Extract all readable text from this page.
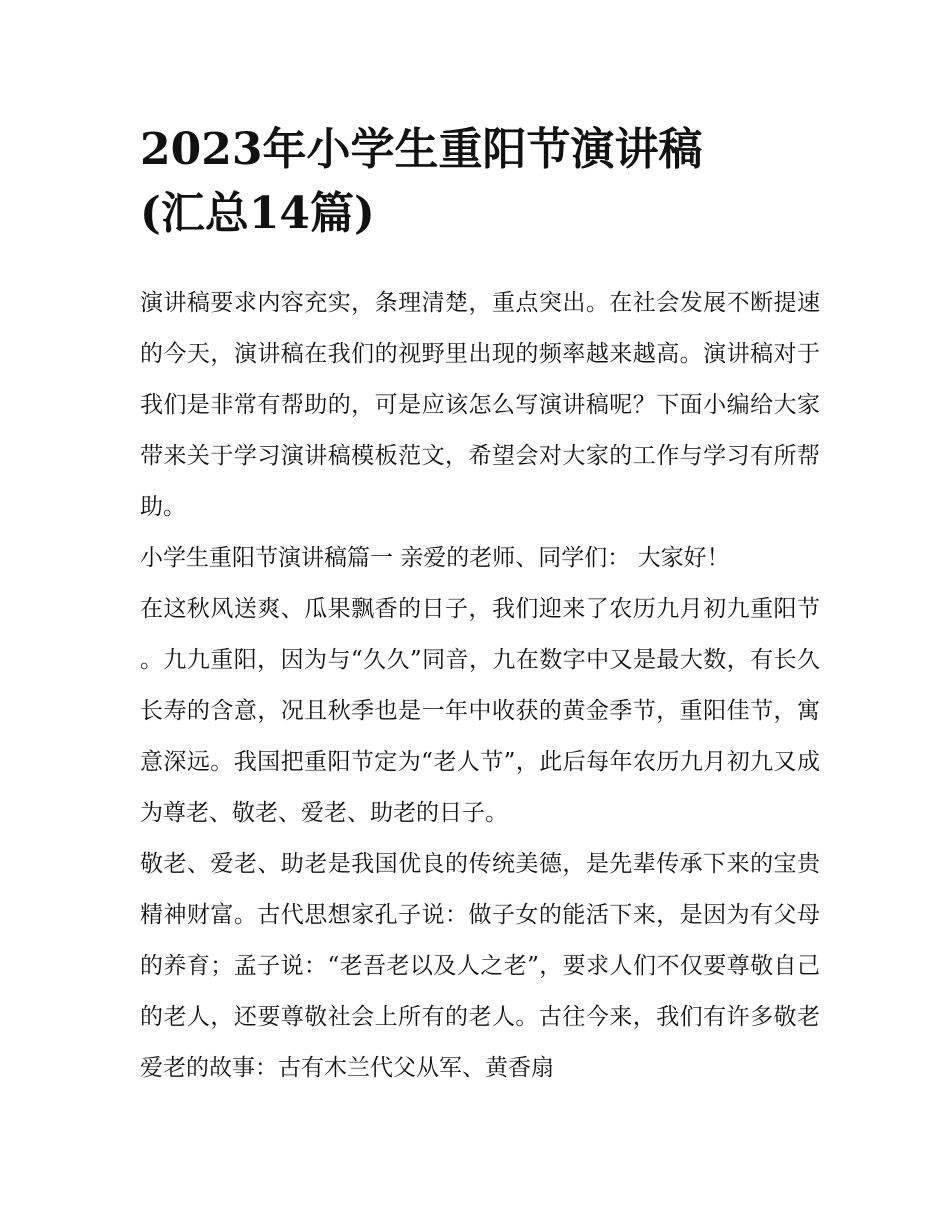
2023年小学生重阳节演讲稿
(汇总14篇)

演讲稿要求内容充实，条理清楚，重点突出。在社会发展不断提速的今天，演讲稿在我们的视野里出现的频率越来越高。演讲稿对于我们是非常有帮助的，可是应该怎么写演讲稿呢？下面小编给大家带来关于学习演讲稿模板范文，希望会对大家的工作与学习有所帮助。

小学生重阳节演讲稿篇一 亲爱的老师、同学们： 大家好！

在这秋风送爽、瓜果飘香的日子，我们迎来了农历九月初九重阳节。九九重阳，因为与“久久”同音，九在数字中又是最大数，有长久长寿的含意，况且秋季也是一年中收获的黄金季节，重阳佳节，寓意深远。我国把重阳节定为“老人节”，此后每年农历九月初九又成为尊老、敬老、爱老、助老的日子。

敬老、爱老、助老是我国优良的传统美德，是先辈传承下来的宝贵精神财富。古代思想家孔子说：做子女的能活下来，是因为有父母的养育；孟子说：“老吾老以及人之老”，要求人们不仅要尊敬自己的老人，还要尊敬社会上所有的老人。古往今来，我们有许多敬老爱老的故事：古有木兰代父从军、黄香扇
